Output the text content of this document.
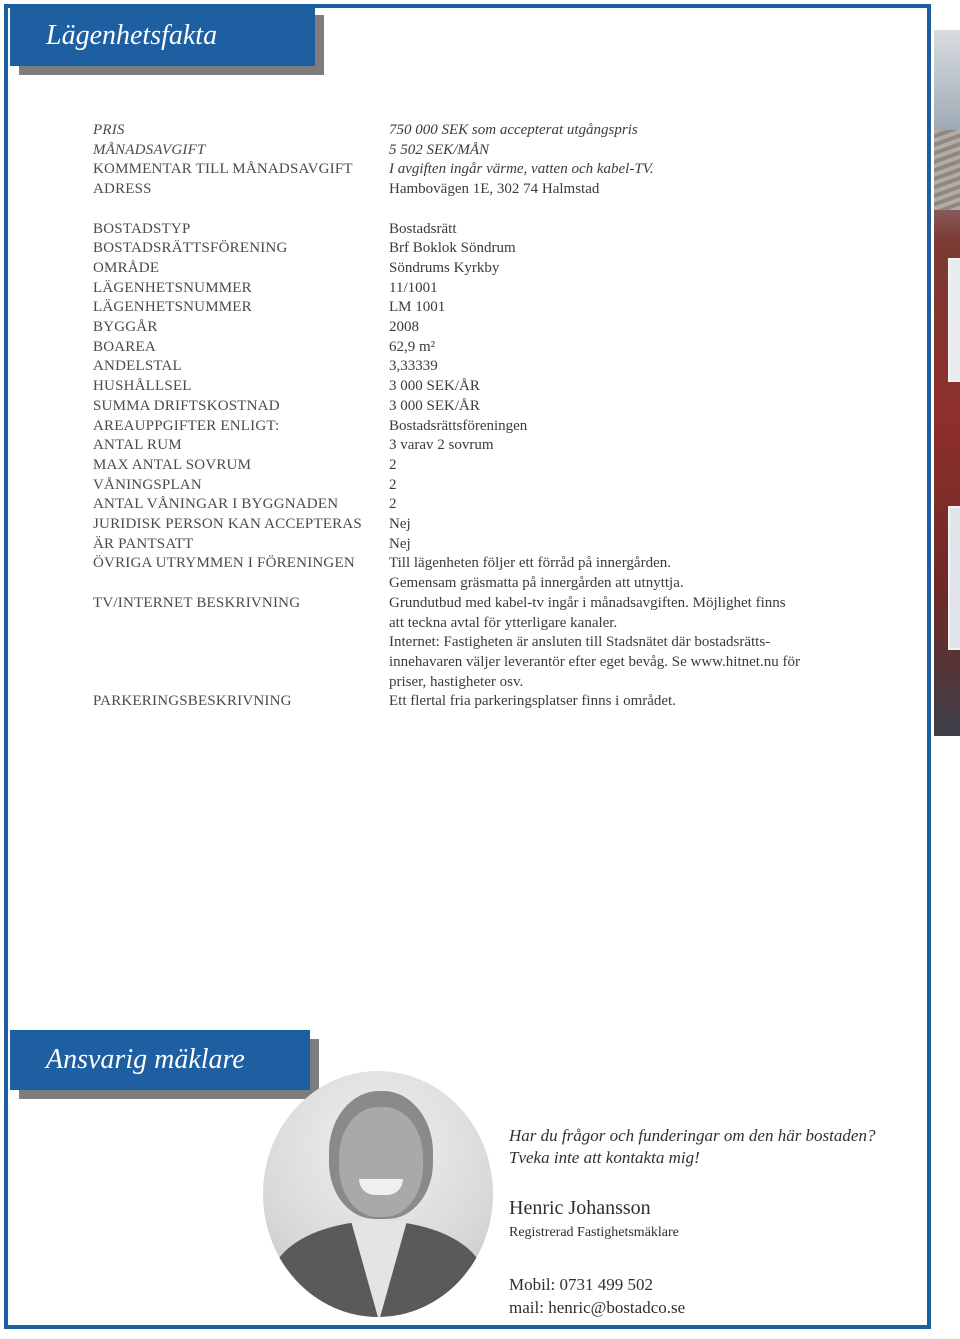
Lägenhetsfakta
PRIS	750 000 SEK som accepterat utgångspris
MÅNADSAVGIFT	5 502 SEK/MÅN
KOMMENTAR TILL MÅNADSAVGIFT	I avgiften ingår värme, vatten och kabel-TV.
ADRESS	Hambovägen 1E, 302 74 Halmstad
BOSTADSTYP	Bostadsrätt
BOSTADSRÄTTSFÖRENING	Brf Boklok Söndrum
OMRÅDE	Söndrums Kyrkby
LÄGENHETSNUMMER	11/1001
LÄGENHETSNUMMER	LM 1001
BYGGÅR	2008
BOAREA	62,9 m²
ANDELSTAL	3,33339
HUSHÅLLSEL	3 000 SEK/ÅR
SUMMA DRIFTSKOSTNAD	3 000 SEK/ÅR
AREAUPPGIFTER ENLIGT:	Bostadsrättsföreningen
ANTAL RUM	3 varav 2 sovrum
MAX ANTAL SOVRUM	2
VÅNINGSPLAN	2
ANTAL VÅNINGAR I BYGGNADEN	2
JURIDISK PERSON KAN ACCEPTERAS	Nej
ÄR PANTSATT	Nej
ÖVRIGA UTRYMMEN I FÖRENINGEN	Till lägenheten följer ett förråd på innergården.
Gemensam gräsmatta på innergården att utnyttja.
TV/INTERNET BESKRIVNING	Grundutbud med kabel-tv ingår i månadsavgiften. Möjlighet finns
att teckna avtal för ytterligare kanaler.
Internet: Fastigheten är ansluten till Stadsnätet där bostadsrätts-
innehavaren väljer leverantör efter eget bevåg. Se www.hitnet.nu för
priser, hastigheter osv.
PARKERINGSBESKRIVNING	Ett flertal fria parkeringsplatser finns i området.
Ansvarig mäklare
Har du frågor och funderingar om den här bostaden?
Tveka inte att kontakta mig!
Henric Johansson
Registrerad Fastighetsmäklare
Mobil: 0731 499 502
mail: henric@bostadco.se
